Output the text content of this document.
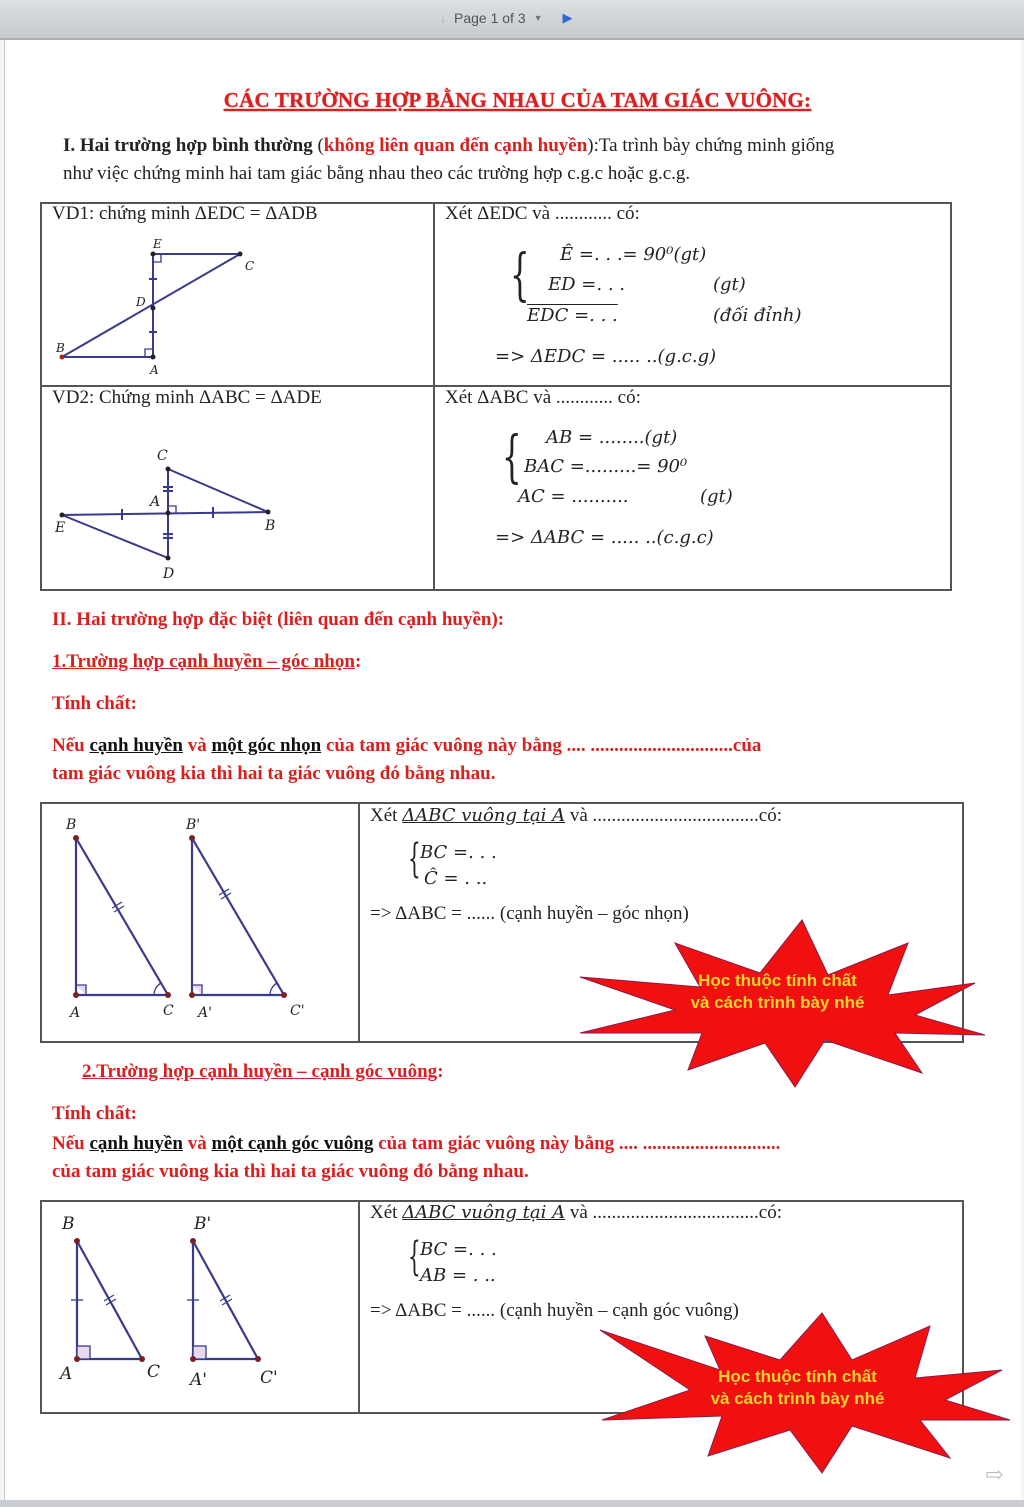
↓ Page 1 of 3 ▼ ▶
CÁC TRƯỜNG HỢP BẰNG NHAU CỦA TAM GIÁC VUÔNG:
I. Hai trường hợp bình thường (không liên quan đến cạnh huyền):Ta trình bày chứng minh giống
như việc chứng minh hai tam giác bằng nhau theo các trường hợp c.g.c hoặc g.c.g.
VD1: chứng minh ΔEDC = ΔADB
E
C
D
B
A
Xét ΔEDC và ............ có:
{ Ê =. . .= 90⁰(gt)
ED =. . .	(gt)
EDC =. . .	(đối đỉnh)
=> ΔEDC = ..... ..(g.c.g)
VD2: Chứng minh ΔABC = ΔADE
C
A
E	B
D
Xét ΔABC và ............ có:
{ AB = ........(gt)
BAC =.........= 90⁰
AC = ..........	(gt)
=> ΔABC = ..... ..(c.g.c)
II. Hai trường hợp đặc biệt (liên quan đến cạnh huyền):
1.Trường hợp cạnh huyền – góc nhọn:
Tính chất:
Nếu cạnh huyền và một góc nhọn của tam giác vuông này bằng .... ..............................của
tam giác vuông kia thì hai ta giác vuông đó bằng nhau.
B
A	C
B'
A'	C'
Xét ΔABC vuông tại A và ...................................có:
{ BC =. . .
Ĉ = . ..
=> ΔABC = ...... (cạnh huyền – góc nhọn)
Học thuộc tính chất
và cách trình bày nhé
2.Trường hợp cạnh huyền – cạnh góc vuông:
Tính chất:
Nếu cạnh huyền và một cạnh góc vuông của tam giác vuông này bằng .... .............................
của tam giác vuông kia thì hai ta giác vuông đó bằng nhau.
B
A	C
B'
A'	C'
Xét ΔABC vuông tại A và ...................................có:
{ BC =. . .
AB = . ..
=> ΔABC = ...... (cạnh huyền – cạnh góc vuông)
Học thuộc tính chất
và cách trình bày nhé
⇨
